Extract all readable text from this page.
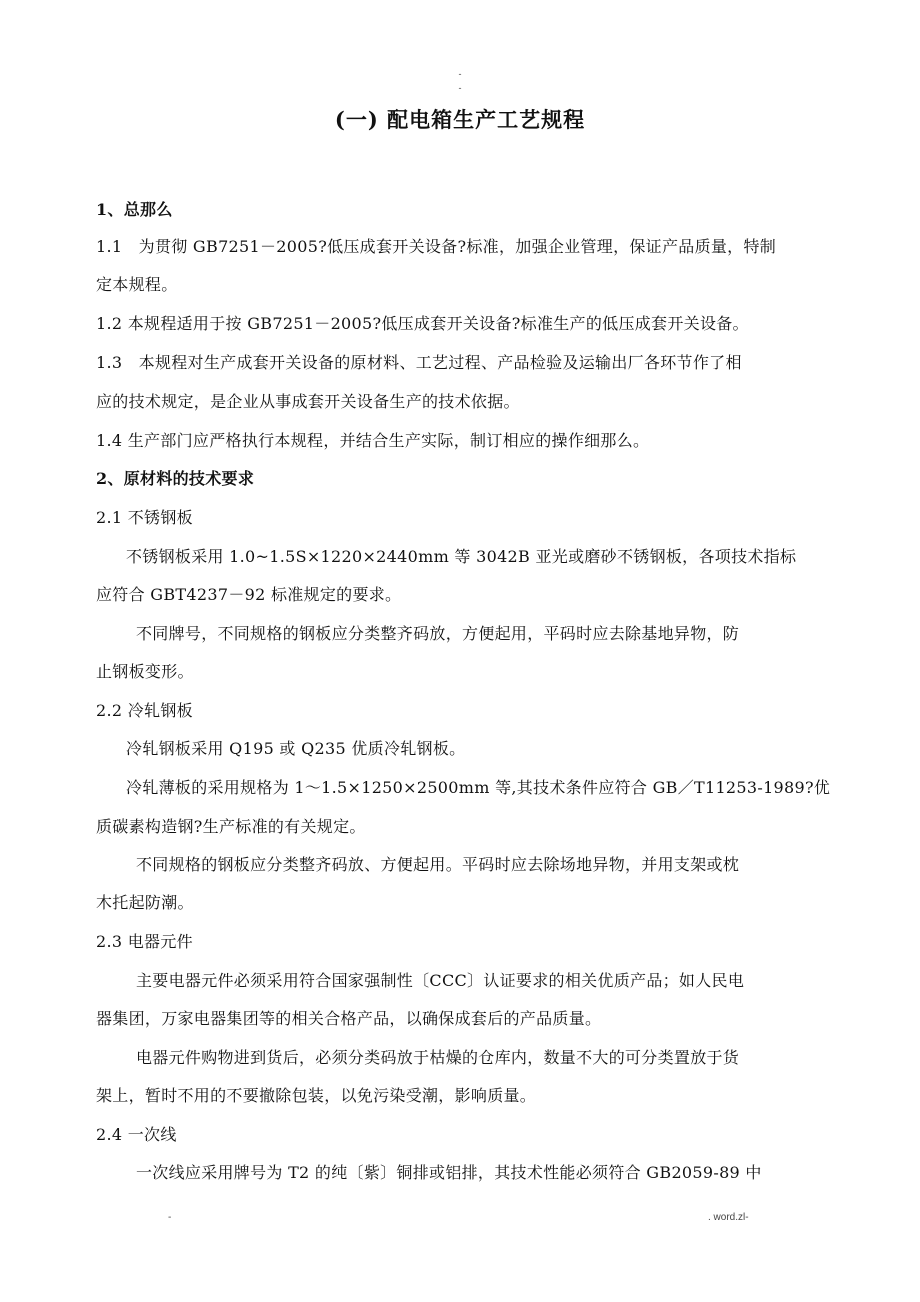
-
-
(一) 配电箱生产工艺规程
1、总那么
1.1　为贯彻 GB7251－2005?低压成套开关设备?标准，加强企业管理，保证产品质量，特制
定本规程。
1.2 本规程适用于按 GB7251－2005?低压成套开关设备?标准生产的低压成套开关设备。
1.3　本规程对生产成套开关设备的原材料、工艺过程、产品检验及运输出厂各环节作了相
应的技术规定，是企业从事成套开关设备生产的技术依据。
1.4 生产部门应严格执行本规程，并结合生产实际，制订相应的操作细那么。
2、原材料的技术要求
2.1 不锈钢板
不锈钢板采用 1.0~1.5S×1220×2440mm 等 3042B 亚光或磨砂不锈钢板，各项技术指标
应符合 GBT4237－92 标准规定的要求。
不同牌号，不同规格的钢板应分类整齐码放，方便起用，平码时应去除基地异物，防
止钢板变形。
2.2 冷轧钢板
冷轧钢板采用 Q195 或 Q235 优质冷轧钢板。
冷轧薄板的采用规格为 1～1.5×1250×2500mm 等,其技术条件应符合 GB／T11253-1989?优
质碳素构造钢?生产标准的有关规定。
不同规格的钢板应分类整齐码放、方便起用。平码时应去除场地异物，并用支架或枕
木托起防潮。
2.3 电器元件
主要电器元件必须采用符合国家强制性〔CCC〕认证要求的相关优质产品；如人民电
器集团，万家电器集团等的相关合格产品，以确保成套后的产品质量。
电器元件购物进到货后，必须分类码放于枯燥的仓库内，数量不大的可分类置放于货
架上，暂时不用的不要撤除包装，以免污染受潮，影响质量。
2.4 一次线
一次线应采用牌号为 T2 的纯〔紫〕铜排或铝排，其技术性能必须符合 GB2059-89 中
-	. word.zl-
